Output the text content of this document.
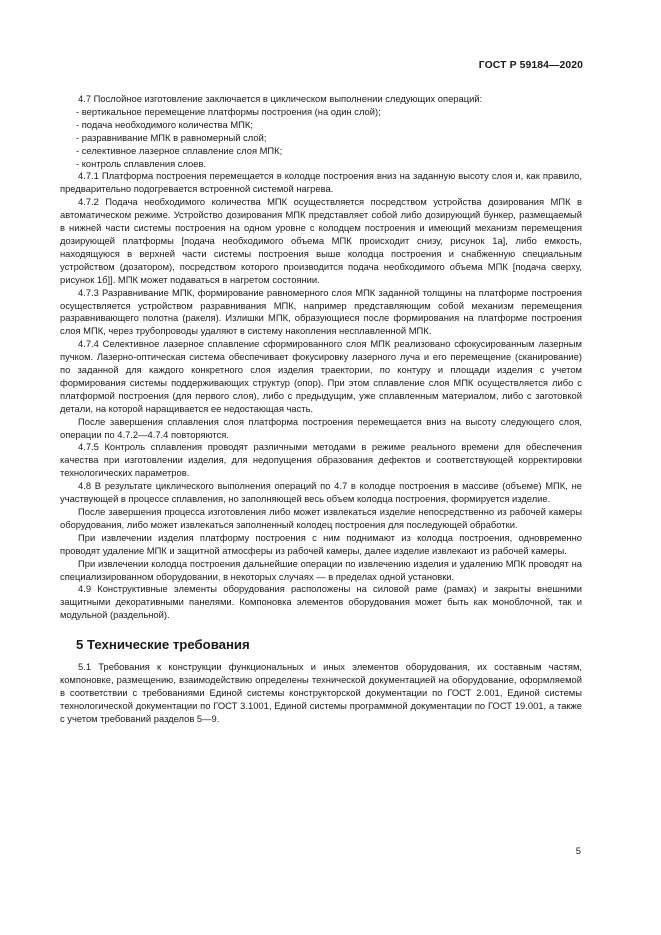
ГОСТ Р 59184—2020

4.7 Послойное изготовление заключается в циклическом выполнении следующих операций:

- вертикальное перемещение платформы построения (на один слой);

- подача необходимого количества МПК;

- разравнивание МПК в равномерный слой;

- селективное лазерное сплавление слоя МПК;

- контроль сплавления слоев.

4.7.1 Платформа построения перемещается в колодце построения вниз на заданную высоту слоя и, как правило, предварительно подогревается встроенной системой нагрева.

4.7.2 Подача необходимого количества МПК осуществляется посредством устройства дозирования МПК в автоматическом режиме. Устройство дозирования МПК представляет собой либо дозирующий бункер, размещаемый в нижней части системы построения на одном уровне с колодцем построения и имеющий механизм перемещения дозирующей платформы [подача необходимого объема МПК происходит снизу, рисунок 1а], либо емкость, находящуюся в верхней части системы построения выше колодца построения и снабженную специальным устройством (дозатором), посредством которого производится подача необходимого объема МПК [подача сверху, рисунок 1б]]. МПК может подаваться в нагретом состоянии.

4.7.3 Разравнивание МПК, формирование равномерного слоя МПК заданной толщины на платформе построения осуществляется устройством разравнивания МПК, например представляющим собой механизм перемещения разравнивающего полотна (ракеля). Излишки МПК, образующиеся после формирования на платформе построения слоя МПК, через трубопроводы удаляют в систему накопления несплавленной МПК.

4.7.4 Селективное лазерное сплавление сформированного слоя МПК реализовано сфокусированным лазерным пучком. Лазерно-оптическая система обеспечивает фокусировку лазерного луча и его перемещение (сканирование) по заданной для каждого конкретного слоя изделия траектории, по контуру и площади изделия с учетом формирования системы поддерживающих структур (опор). При этом сплавление слоя МПК осуществляется либо с платформой построения (для первого слоя), либо с предыдущим, уже сплавленным материалом, либо с заготовкой детали, на которой наращивается ее недостающая часть.

После завершения сплавления слоя платформа построения перемещается вниз на высоту следующего слоя, операции по 4.7.2—4.7.4 повторяются.

4.7.5 Контроль сплавления проводят различными методами в режиме реального времени для обеспечения качества при изготовлении изделия, для недопущения образования дефектов и соответствующей корректировки технологических параметров.

4.8 В результате циклического выполнения операций по 4.7 в колодце построения в массиве (объеме) МПК, не участвующей в процессе сплавления, но заполняющей весь объем колодца построения, формируется изделие.

После завершения процесса изготовления либо может извлекаться изделие непосредственно из рабочей камеры оборудования, либо может извлекаться заполненный колодец построения для последующей обработки.

При извлечении изделия платформу построения с ним поднимают из колодца построения, одновременно проводят удаление МПК и защитной атмосферы из рабочей камеры, далее изделие извлекают из рабочей камеры.

При извлечении колодца построения дальнейшие операции по извлечению изделия и удалению МПК проводят на специализированном оборудовании, в некоторых случаях — в пределах одной установки.

4.9 Конструктивные элементы оборудования расположены на силовой раме (рамах) и закрыты внешними защитными декоративными панелями. Компоновка элементов оборудования может быть как моноблочной, так и модульной (раздельной).

5 Технические требования

5.1 Требования к конструкции функциональных и иных элементов оборудования, их составным частям, компоновке, размещению, взаимодействию определены технической документацией на оборудование, оформляемой в соответствии с требованиями Единой системы конструкторской документации по ГОСТ 2.001, Единой системы технологической документации по ГОСТ 3.1001, Единой системы программной документации по ГОСТ 19.001, а также с учетом требований разделов 5—9.

5
